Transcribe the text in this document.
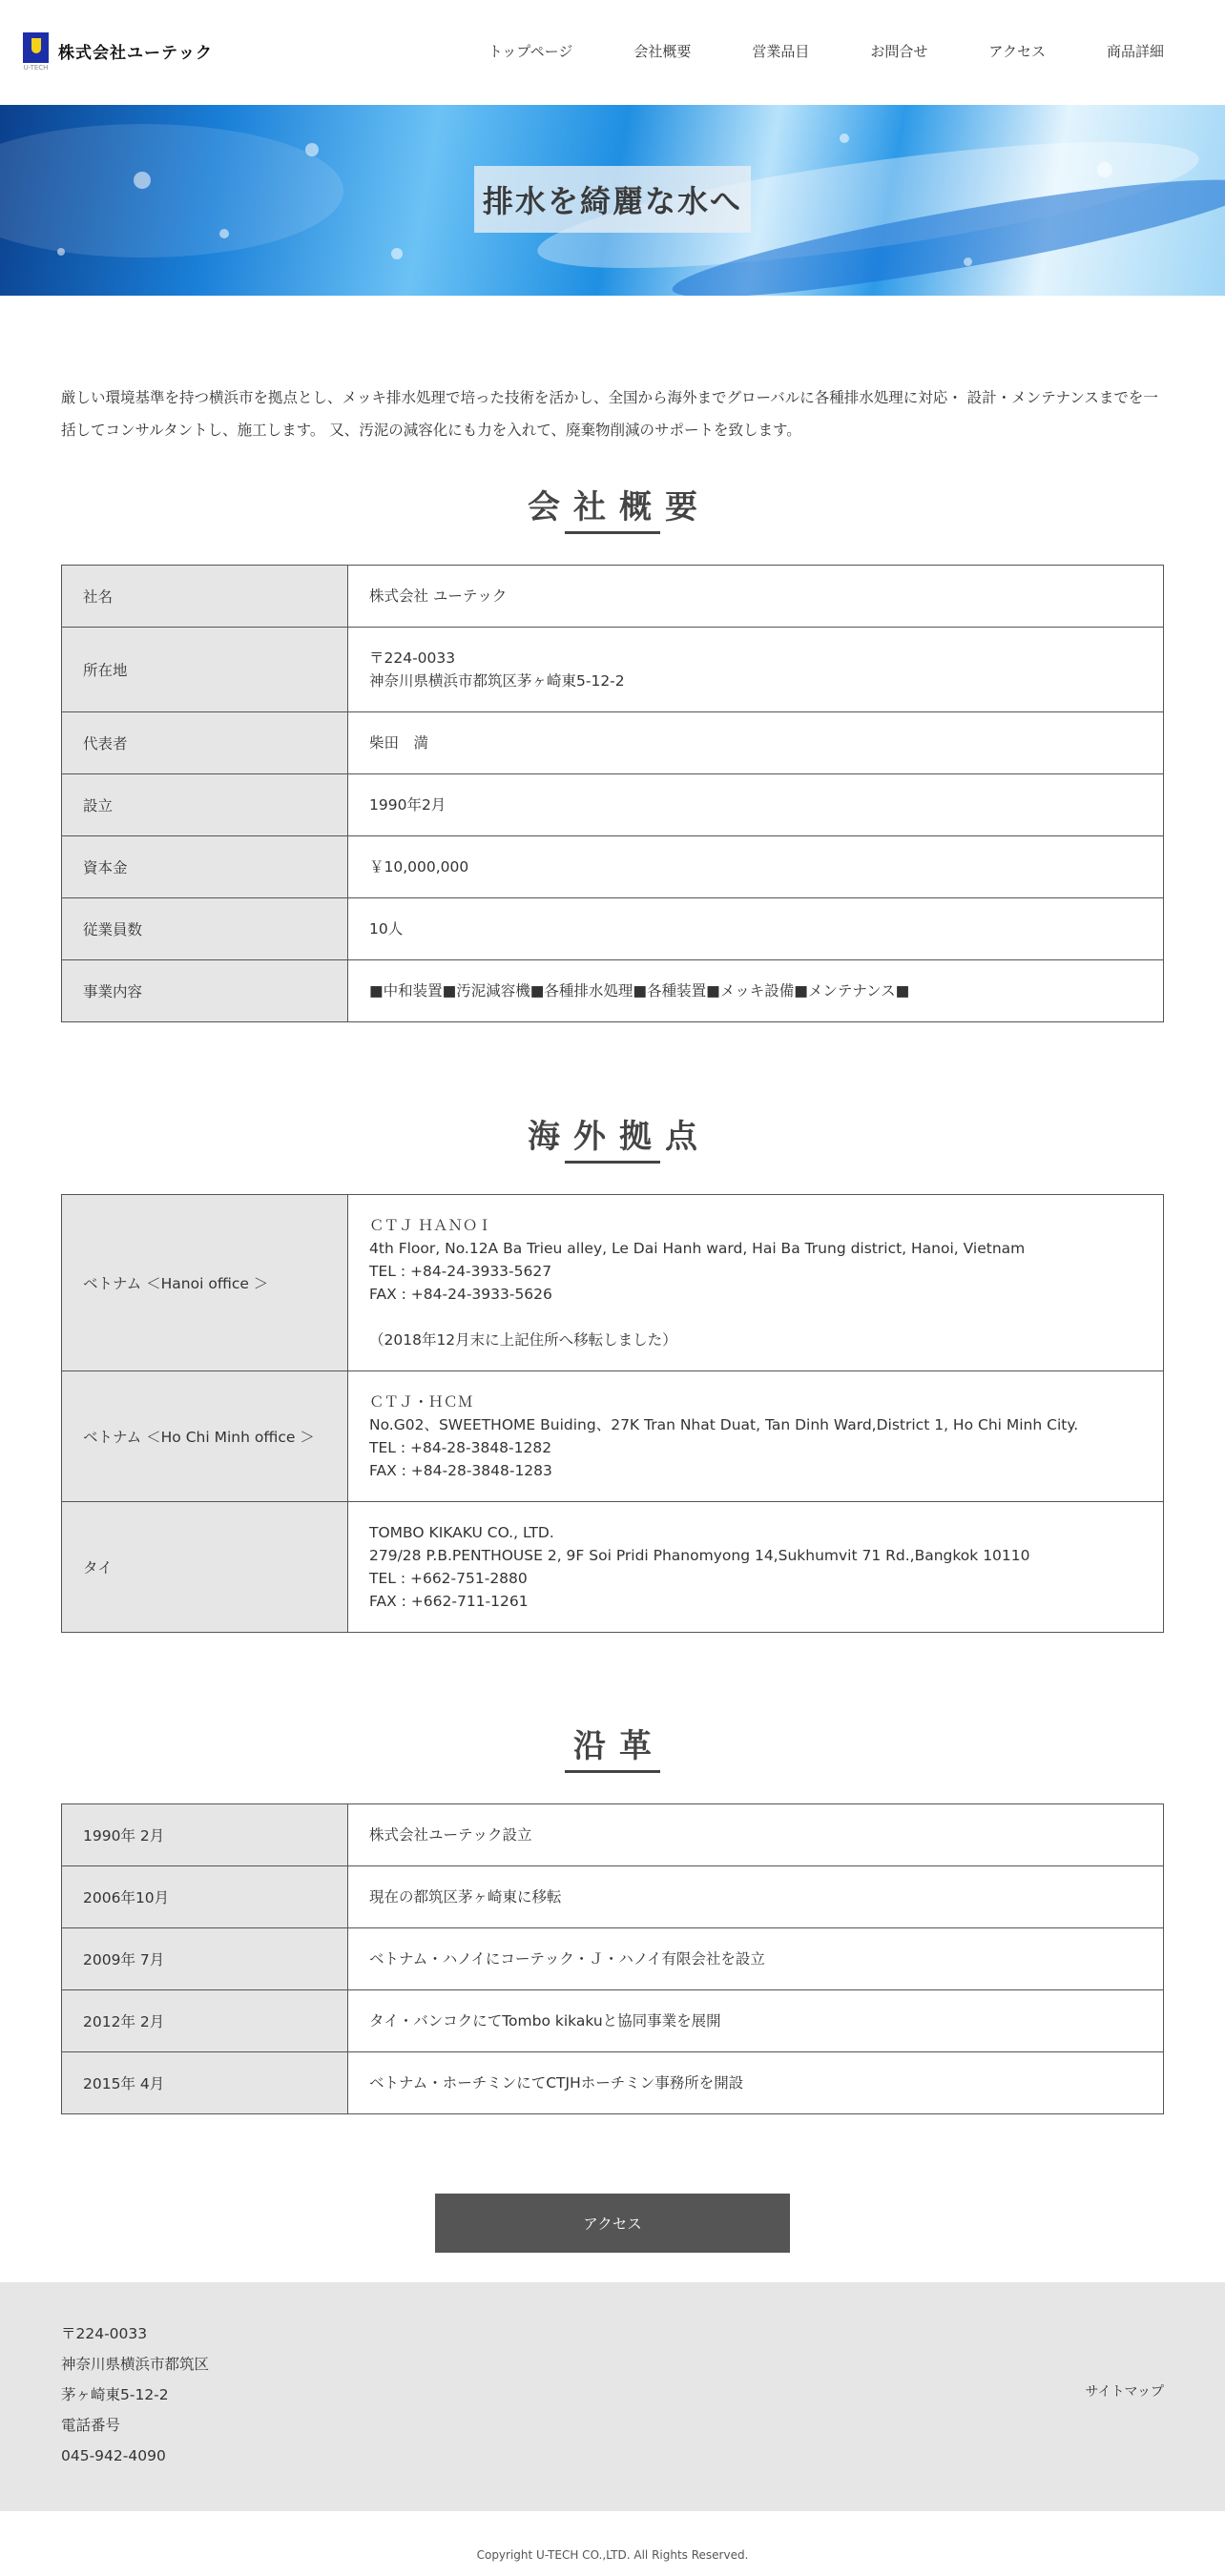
U-TECH
株式会社ユーテック	トップページ	会社概要	営業品目	お問合せ	アクセス	商品詳細
排水を綺麗な水へ

厳しい環境基準を持つ横浜市を拠点とし、メッキ排水処理で培った技術を活かし、全国から海外までグローバルに各種排水処理に対応・ 設計・メンテナンスまでを一括してコンサルタントし、施工します。 又、汚泥の減容化にも力を入れて、廃棄物削減のサポートを致します。

会社概要
社名	株式会社 ユーテック

所在地	〒224-0033
神奈川県横浜市都筑区茅ヶ崎東5-12-2

代表者	柴田　満

設立	1990年2月

資本金	￥10,000,000

従業員数	10人

事業内容	■中和装置■汚泥減容機■各種排水処理■各種装置■メッキ設備■メンテナンス■
海外拠点
ベトナム ＜Hanoi office ＞	ＣＴＪ ＨＡＮＯＩ
4th Floor, No.12A Ba Trieu alley, Le Dai Hanh ward, Hai Ba Trung district, Hanoi, Vietnam
TEL : +84-24-3933-5627
FAX : +84-24-3933-5626
（2018年12月末に上記住所へ移転しました）

ベトナム ＜Ho Chi Minh office ＞	ＣＴＪ・ＨＣＭ
No.G02、SWEETHOME Buiding、27K Tran Nhat Duat, Tan Dinh Ward,District 1, Ho Chi Minh City.
TEL : +84-28-3848-1282
FAX : +84-28-3848-1283

タイ	TOMBO KIKAKU CO., LTD.
279/28 P.B.PENTHOUSE 2, 9F Soi Pridi Phanomyong 14,Sukhumvit 71 Rd.,Bangkok 10110
TEL : +662-751-2880
FAX : +662-711-1261
沿革
1990年 2月	株式会社ユーテック設立

2006年10月	現在の都筑区茅ヶ崎東に移転

2009年 7月	ベトナム・ハノイにコーテック・Ｊ・ハノイ有限会社を設立

2012年 2月	タイ・バンコクにてTombo kikakuと協同事業を展開

2015年 4月	ベトナム・ホーチミンにてCTJHホーチミン事務所を開設
アクセス
〒224-0033
神奈川県横浜市都筑区
茅ヶ崎東5-12-2
電話番号
045-942-4090
サイトマップ
Copyright U-TECH CO.,LTD. All Rights Reserved.
